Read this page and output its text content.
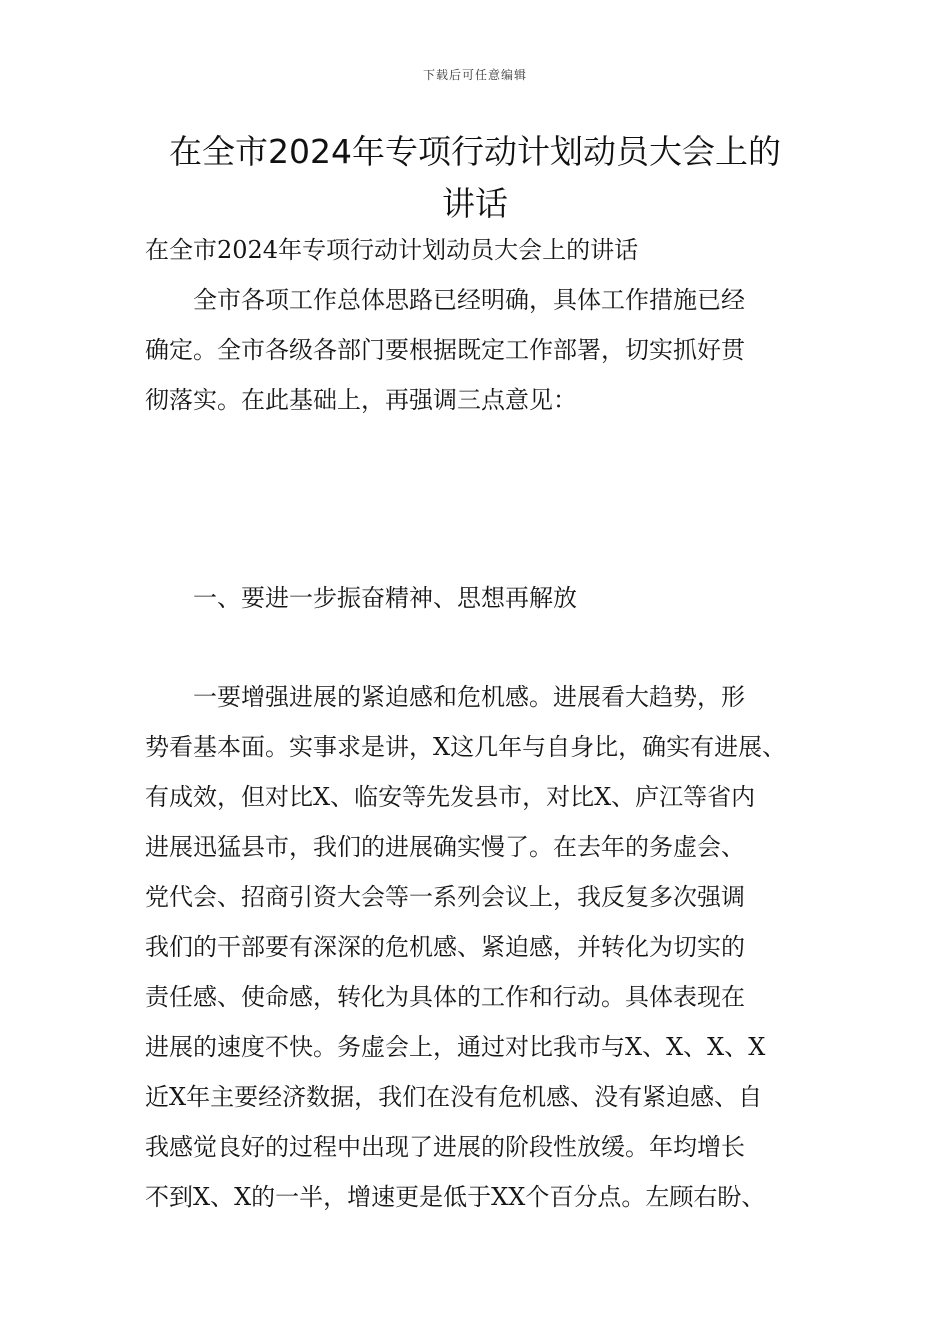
下载后可任意编辑
在全市2024年专项行动计划动员大会上的
讲话

在全市2024年专项行动计划动员大会上的讲话

全市各项工作总体思路已经明确，具体工作措施已经
确定。全市各级各部门要根据既定工作部署，切实抓好贯
彻落实。在此基础上，再强调三点意见：

一、要进一步振奋精神、思想再解放

一要增强进展的紧迫感和危机感。进展看大趋势，形
势看基本面。实事求是讲，X这几年与自身比，确实有进展、
有成效，但对比X、临安等先发县市，对比X、庐江等省内
进展迅猛县市，我们的进展确实慢了。在去年的务虚会、
党代会、招商引资大会等一系列会议上，我反复多次强调
我们的干部要有深深的危机感、紧迫感，并转化为切实的
责任感、使命感，转化为具体的工作和行动。具体表现在
进展的速度不快。务虚会上，通过对比我市与X、X、X、X
近X年主要经济数据，我们在没有危机感、没有紧迫感、自
我感觉良好的过程中出现了进展的阶段性放缓。年均增长
不到X、X的一半，增速更是低于XX个百分点。左顾右盼、
